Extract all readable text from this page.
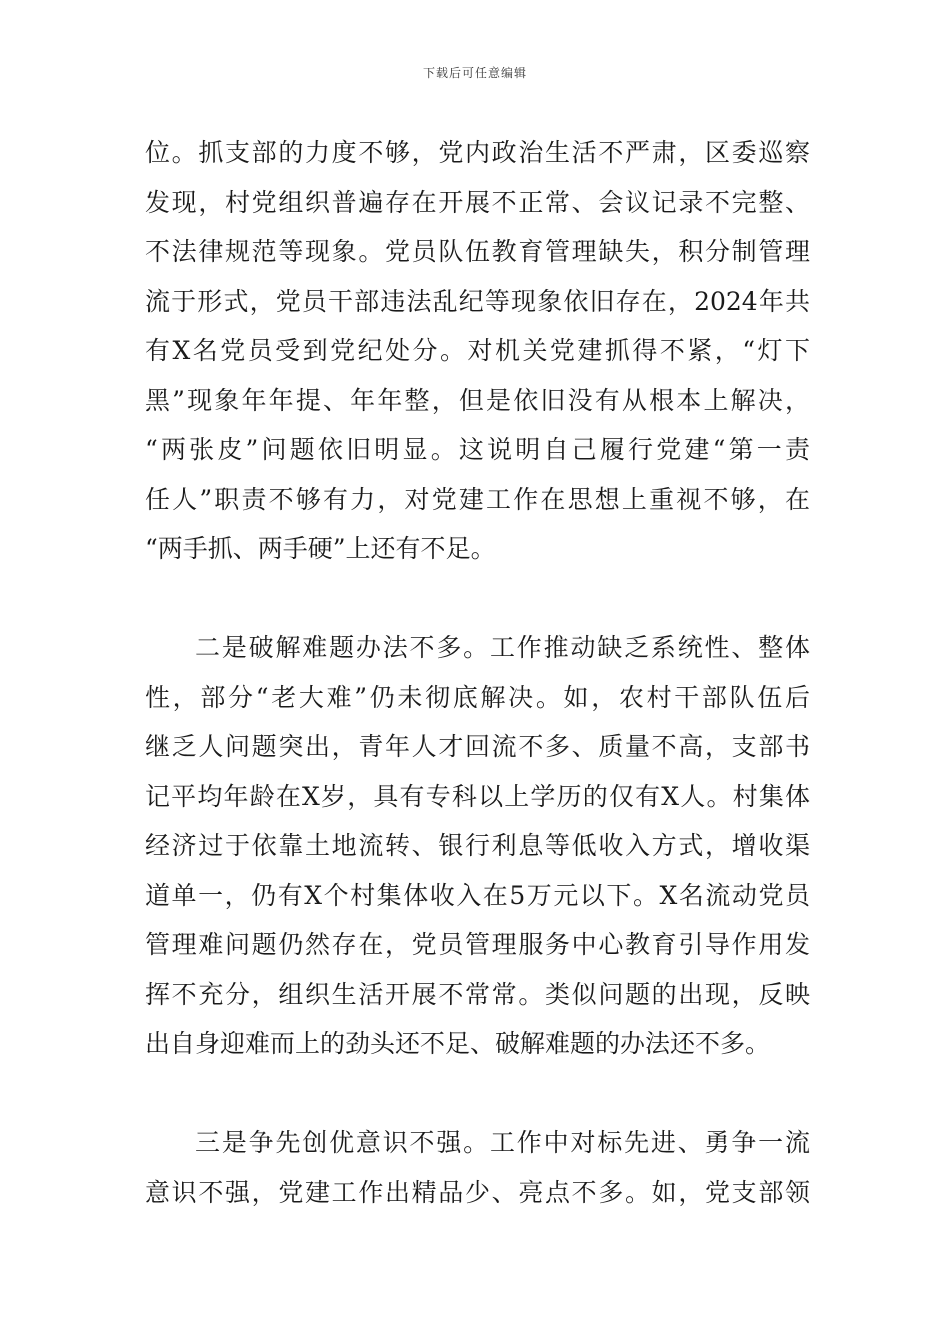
下载后可任意编辑
位。抓支部的力度不够，党内政治生活不严肃，区委巡察
发现，村党组织普遍存在开展不正常、会议记录不完整、
不法律规范等现象。党员队伍教育管理缺失，积分制管理
流于形式，党员干部违法乱纪等现象依旧存在，2024年共
有X名党员受到党纪处分。对机关党建抓得不紧，“灯下
黑”现象年年提、年年整，但是依旧没有从根本上解决，
“两张皮”问题依旧明显。这说明自己履行党建“第一责
任人”职责不够有力，对党建工作在思想上重视不够，在
“两手抓、两手硬”上还有不足。
二是破解难题办法不多。工作推动缺乏系统性、整体
性，部分“老大难”仍未彻底解决。如，农村干部队伍后
继乏人问题突出，青年人才回流不多、质量不高，支部书
记平均年龄在X岁，具有专科以上学历的仅有X人。村集体
经济过于依靠土地流转、银行利息等低收入方式，增收渠
道单一，仍有X个村集体收入在5万元以下。X名流动党员
管理难问题仍然存在，党员管理服务中心教育引导作用发
挥不充分，组织生活开展不常常。类似问题的出现，反映
出自身迎难而上的劲头还不足、破解难题的办法还不多。
三是争先创优意识不强。工作中对标先进、勇争一流
意识不强，党建工作出精品少、亮点不多。如，党支部领
